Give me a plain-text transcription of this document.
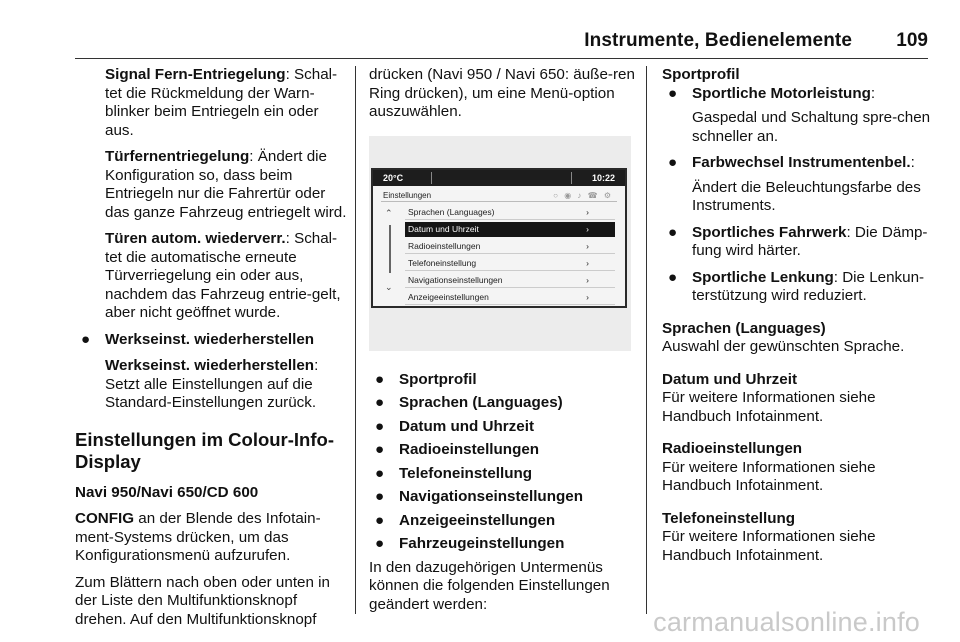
Instrumente, Bedienelemente 109

Signal Fern-Entriegelung: Schal-tet die Rückmeldung der Warn-blinker beim Entriegeln ein oder aus.

Türfernentriegelung: Ändert die Konfiguration so, dass beim Entriegeln nur die Fahrertür oder das ganze Fahrzeug entriegelt wird.

Türen autom. wiederverr.: Schal-tet die automatische erneute Türverriegelung ein oder aus, nachdem das Fahrzeug entrie-gelt, aber nicht geöffnet wurde.

● Werkseinst. wiederherstellen

Werkseinst. wiederherstellen: Setzt alle Einstellungen auf die Standard-Einstellungen zurück.

Einstellungen im Colour-Info-Display

Navi 950/Navi 650/CD 600

CONFIG an der Blende des Infotain-ment-Systems drücken, um das Konfigurationsmenü aufzurufen.

Zum Blättern nach oben oder unten in der Liste den Multifunktionsknopf drehen. Auf den Multifunktionsknopf

drücken (Navi 950 / Navi 650: äuße-ren Ring drücken), um eine Menü-option auszuwählen.

20°C	10:22
Einstellungen	○ ◉ ♪ ☎ ⚙
⌃
⌄
Sprachen (Languages)	›
Datum und Uhrzeit	›
Radioeinstellungen	›
Telefoneinstellung	›
Navigationseinstellungen	›
Anzeigeeinstellungen	›

● Sportprofil

● Sprachen (Languages)

● Datum und Uhrzeit

● Radioeinstellungen

● Telefoneinstellung

● Navigationseinstellungen

● Anzeigeeinstellungen

● Fahrzeugeinstellungen

In den dazugehörigen Untermenüs können die folgenden Einstellungen geändert werden:

Sportprofil

● Sportliche Motorleistung:

Gaspedal und Schaltung spre-chen schneller an.

● Farbwechsel Instrumentenbel.:

Ändert die Beleuchtungsfarbe des Instruments.

● Sportliches Fahrwerk: Die Dämp-fung wird härter.

● Sportliche Lenkung: Die Lenkun-terstützung wird reduziert.

Sprachen (Languages)

Auswahl der gewünschten Sprache.

Datum und Uhrzeit

Für weitere Informationen siehe Handbuch Infotainment.

Radioeinstellungen

Für weitere Informationen siehe Handbuch Infotainment.

Telefoneinstellung

Für weitere Informationen siehe Handbuch Infotainment.

carmanualsonline.info
